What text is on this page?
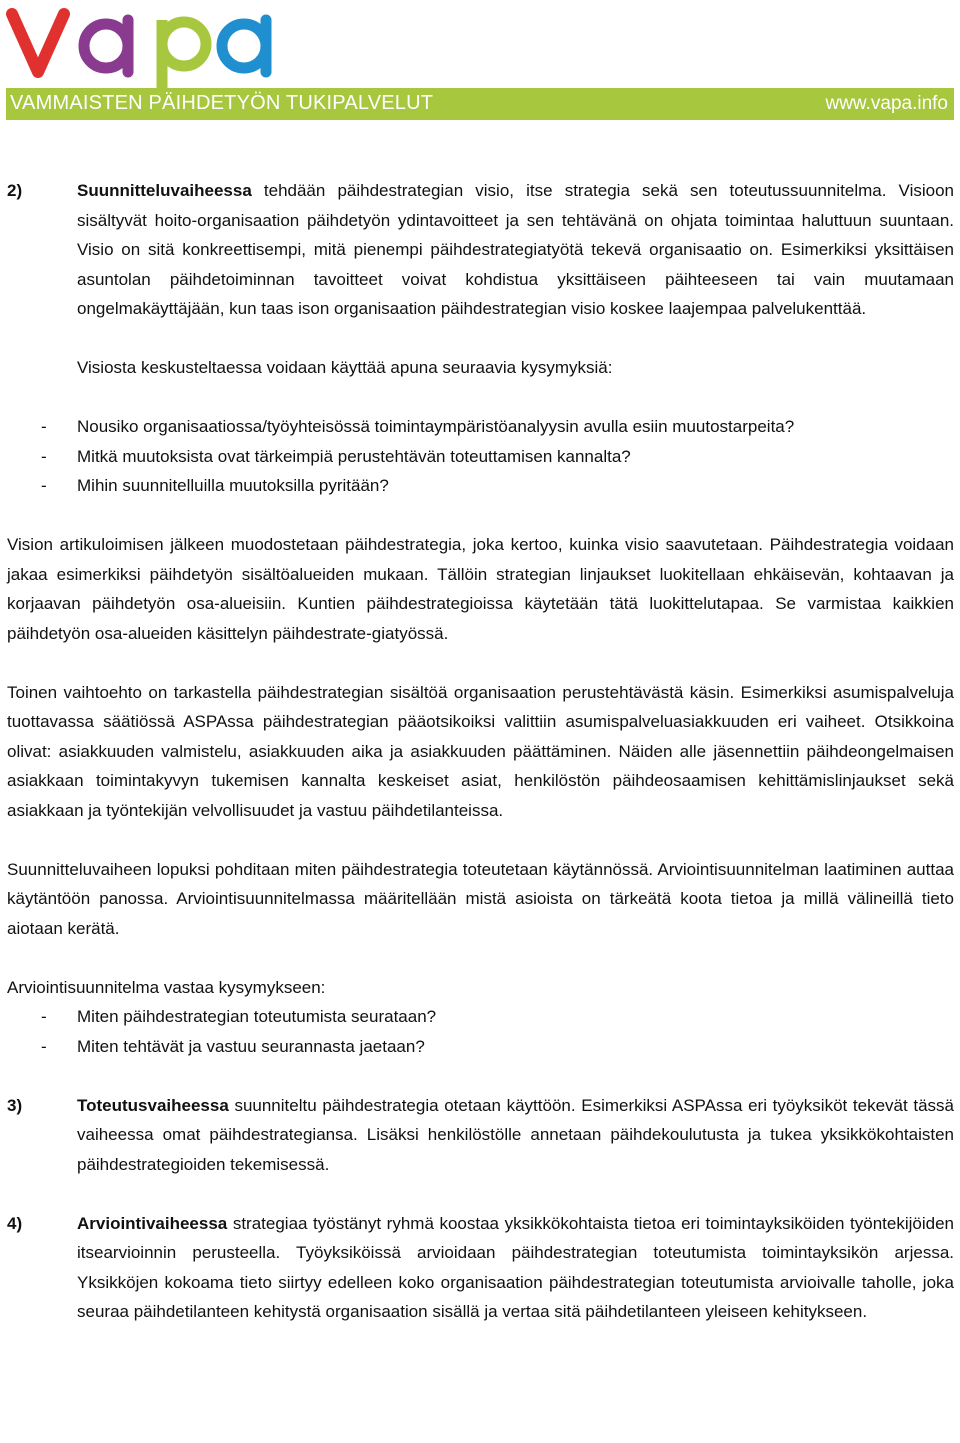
VAMMAISTEN PÄIHDETYÖN TUKIPALVELUT	www.vapa.info
2)	Suunnitteluvaiheessa tehdään päihdestrategian visio, itse strategia sekä sen toteutussuunnitelma. Visioon sisältyvät hoito-organisaation päihdetyön ydintavoitteet ja sen tehtävänä on ohjata toimintaa haluttuun suuntaan. Visio on sitä konkreettisempi, mitä pienempi päihdestrategiatyötä tekevä organisaatio on. Esimerkiksi yksittäisen asuntolan päihdetoiminnan tavoitteet voivat kohdistua yksittäiseen päihteeseen tai vain muutamaan ongelmakäyttäjään, kun taas ison organisaation päihdestrategian visio koskee laajempaa palvelukenttää.

Visiosta keskusteltaessa voidaan käyttää apuna seuraavia kysymyksiä:

-	Nousiko organisaatiossa/työyhteisössä toimintaympäristöanalyysin avulla esiin muutostarpeita?
-	Mitkä muutoksista ovat tärkeimpiä perustehtävän toteuttamisen kannalta?
-	Mihin suunnitelluilla muutoksilla pyritään?

Vision artikuloimisen jälkeen muodostetaan päihdestrategia, joka kertoo, kuinka visio saavutetaan. Päihdestrategia voidaan jakaa esimerkiksi päihdetyön sisältöalueiden mukaan. Tällöin strategian linjaukset luokitellaan ehkäisevän, kohtaavan ja korjaavan päihdetyön osa-alueisiin. Kuntien päihdestrategioissa käytetään tätä luokittelutapaa. Se varmistaa kaikkien päihdetyön osa-alueiden käsittelyn päihdestrate-giatyössä.

Toinen vaihtoehto on tarkastella päihdestrategian sisältöä organisaation perustehtävästä käsin. Esimerkiksi asumispalveluja tuottavassa säätiössä ASPAssa päihdestrategian pääotsikoiksi valittiin asumispalveluasiakkuuden eri vaiheet. Otsikkoina olivat: asiakkuuden valmistelu, asiakkuuden aika ja asiakkuuden päättäminen. Näiden alle jäsennettiin päihdeongelmaisen asiakkaan toimintakyvyn tukemisen kannalta keskeiset asiat, henkilöstön päihdeosaamisen kehittämislinjaukset sekä asiakkaan ja työntekijän velvollisuudet ja vastuu päihdetilanteissa.

Suunnitteluvaiheen lopuksi pohditaan miten päihdestrategia toteutetaan käytännössä. Arviointisuunnitelman laatiminen auttaa käytäntöön panossa. Arviointisuunnitelmassa määritellään mistä asioista on tärkeätä koota tietoa ja millä välineillä tieto aiotaan kerätä.

Arviointisuunnitelma vastaa kysymykseen:

-	Miten päihdestrategian toteutumista seurataan?
-	Miten tehtävät ja vastuu seurannasta jaetaan?
3)	Toteutusvaiheessa suunniteltu päihdestrategia otetaan käyttöön. Esimerkiksi ASPAssa eri työyksiköt tekevät tässä vaiheessa omat päihdestrategiansa. Lisäksi henkilöstölle annetaan päihdekoulutusta ja tukea yksikkökohtaisten päihdestrategioiden tekemisessä.

4)	Arviointivaiheessa strategiaa työstänyt ryhmä koostaa yksikkökohtaista tietoa eri toimintayksiköiden työntekijöiden itsearvioinnin perusteella. Työyksiköissä arvioidaan päihdestrategian toteutumista toimintayksikön arjessa. Yksikköjen kokoama tieto siirtyy edelleen koko organisaation päihdestrategian toteutumista arvioivalle taholle, joka seuraa päihdetilanteen kehitystä organisaation sisällä ja vertaa sitä päihdetilanteen yleiseen kehitykseen.
